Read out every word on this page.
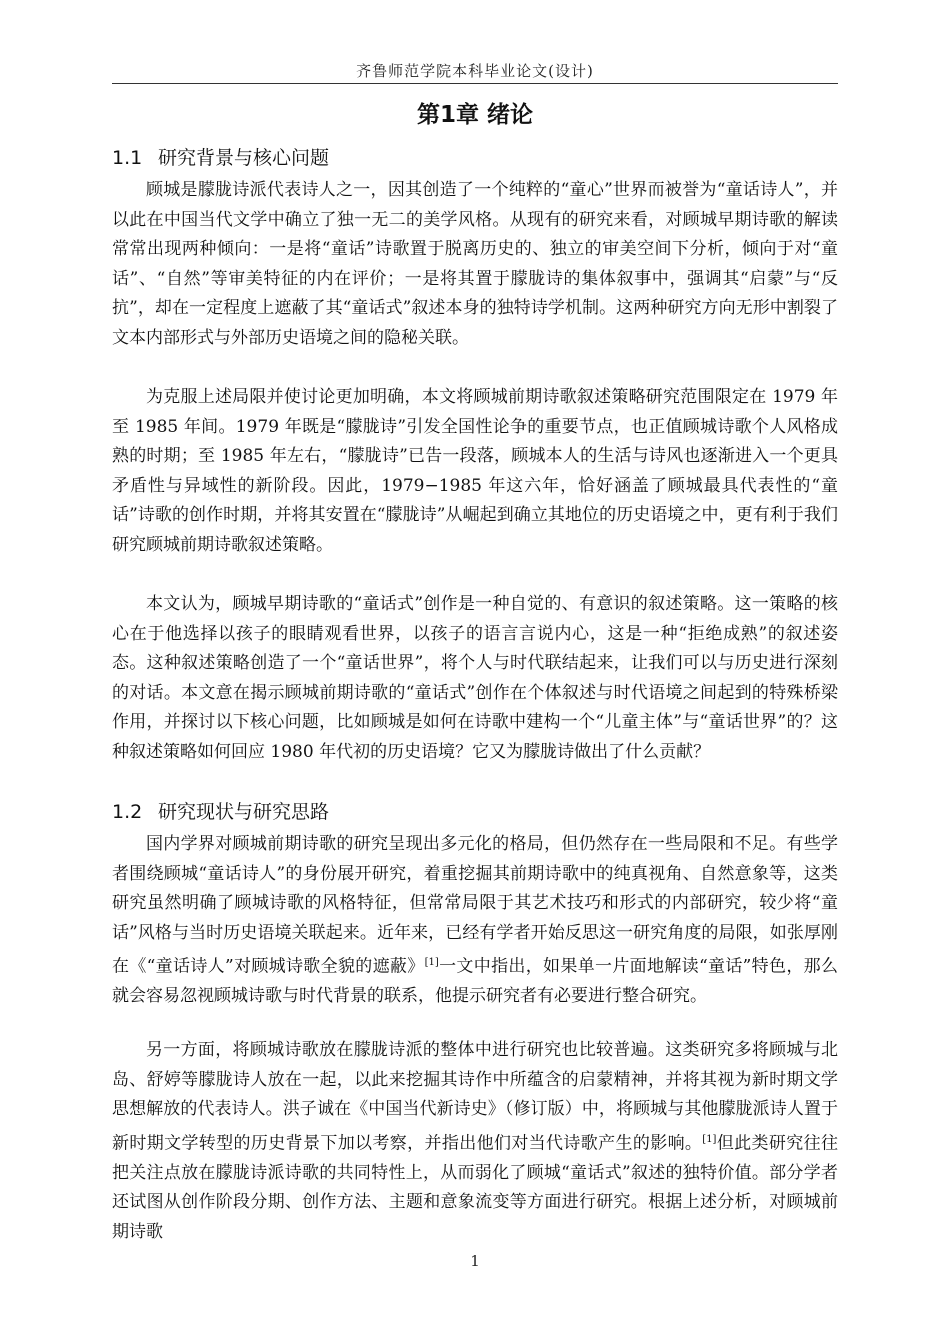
齐鲁师范学院本科毕业论文(设计)
第1章 绪论
1.1 研究背景与核心问题

顾城是朦胧诗派代表诗人之一，因其创造了一个纯粹的“童心”世界而被誉为“童话诗人”，并以此在中国当代文学中确立了独一无二的美学风格。从现有的研究来看，对顾城早期诗歌的解读常常出现两种倾向：一是将“童话”诗歌置于脱离历史的、独立的审美空间下分析，倾向于对“童话”、“自然”等审美特征的内在评价；一是将其置于朦胧诗的集体叙事中，强调其“启蒙”与“反抗”，却在一定程度上遮蔽了其“童话式”叙述本身的独特诗学机制。这两种研究方向无形中割裂了文本内部形式与外部历史语境之间的隐秘关联。

为克服上述局限并使讨论更加明确，本文将顾城前期诗歌叙述策略研究范围限定在 1979 年至 1985 年间。1979 年既是“朦胧诗”引发全国性论争的重要节点，也正值顾城诗歌个人风格成熟的时期；至 1985 年左右，“朦胧诗”已告一段落，顾城本人的生活与诗风也逐渐进入一个更具矛盾性与异域性的新阶段。因此，1979−1985 年这六年，恰好涵盖了顾城最具代表性的“童话”诗歌的创作时期，并将其安置在“朦胧诗”从崛起到确立其地位的历史语境之中，更有利于我们研究顾城前期诗歌叙述策略。

本文认为，顾城早期诗歌的“童话式”创作是一种自觉的、有意识的叙述策略。这一策略的核心在于他选择以孩子的眼睛观看世界，以孩子的语言言说内心，这是一种“拒绝成熟”的叙述姿态。这种叙述策略创造了一个“童话世界”，将个人与时代联结起来，让我们可以与历史进行深刻的对话。本文意在揭示顾城前期诗歌的“童话式”创作在个体叙述与时代语境之间起到的特殊桥梁作用，并探讨以下核心问题，比如顾城是如何在诗歌中建构一个“儿童主体”与“童话世界”的？这种叙述策略如何回应 1980 年代初的历史语境？它又为朦胧诗做出了什么贡献？

1.2 研究现状与研究思路

国内学界对顾城前期诗歌的研究呈现出多元化的格局，但仍然存在一些局限和不足。有些学者围绕顾城“童话诗人”的身份展开研究，着重挖掘其前期诗歌中的纯真视角、自然意象等，这类研究虽然明确了顾城诗歌的风格特征，但常常局限于其艺术技巧和形式的内部研究，较少将“童话”风格与当时历史语境关联起来。近年来，已经有学者开始反思这一研究角度的局限，如张厚刚在《“童话诗人”对顾城诗歌全貌的遮蔽》[1]一文中指出，如果单一片面地解读“童话”特色，那么就会容易忽视顾城诗歌与时代背景的联系，他提示研究者有必要进行整合研究。

另一方面，将顾城诗歌放在朦胧诗派的整体中进行研究也比较普遍。这类研究多将顾城与北岛、舒婷等朦胧诗人放在一起，以此来挖掘其诗作中所蕴含的启蒙精神，并将其视为新时期文学思想解放的代表诗人。洪子诚在《中国当代新诗史》（修订版）中，将顾城与其他朦胧派诗人置于新时期文学转型的历史背景下加以考察，并指出他们对当代诗歌产生的影响。[1]但此类研究往往把关注点放在朦胧诗派诗歌的共同特性上，从而弱化了顾城“童话式”叙述的独特价值。部分学者还试图从创作阶段分期、创作方法、主题和意象流变等方面进行研究。根据上述分析，对顾城前期诗歌

1
